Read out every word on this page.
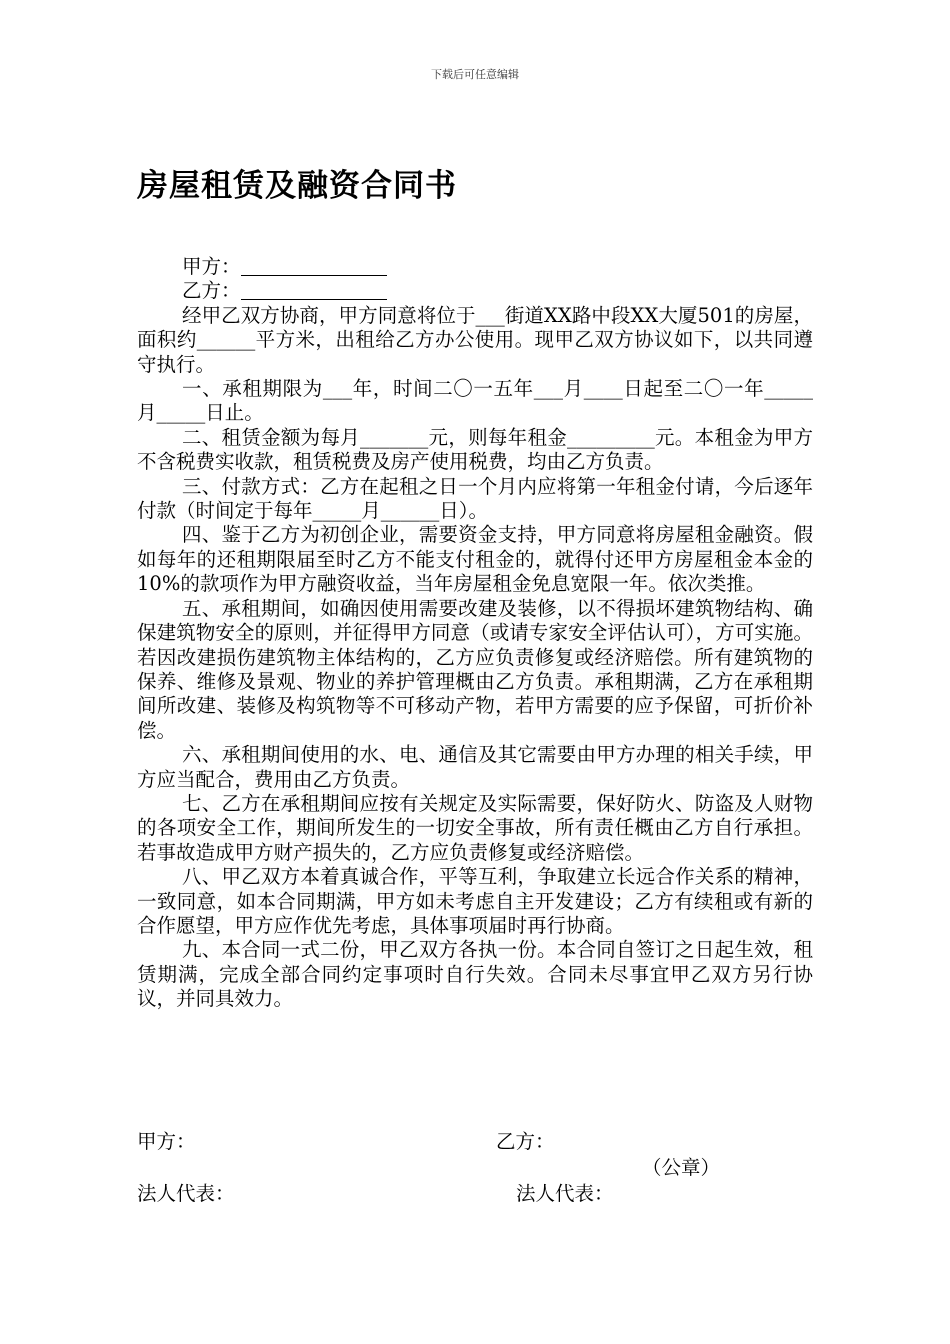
下载后可任意编辑
房屋租赁及融资合同书
甲方：
乙方：
经甲乙双方协商，甲方同意将位于___街道XX路中段XX大厦501的房屋，面积约______平方米，出租给乙方办公使用。现甲乙双方协议如下，以共同遵守执行。
一、承租期限为___年，时间二〇一五年___月____日起至二〇一年_____月_____日止。
二、租赁金额为每月_______元，则每年租金_________元。本租金为甲方不含税费实收款，租赁税费及房产使用税费，均由乙方负责。
三、付款方式：乙方在起租之日一个月内应将第一年租金付请，今后逐年付款（时间定于每年_____月______日）。
四、鉴于乙方为初创企业，需要资金支持，甲方同意将房屋租金融资。假如每年的还租期限届至时乙方不能支付租金的，就得付还甲方房屋租金本金的10%的款项作为甲方融资收益，当年房屋租金免息宽限一年。依次类推。
五、承租期间，如确因使用需要改建及装修，以不得损坏建筑物结构、确保建筑物安全的原则，并征得甲方同意（或请专家安全评估认可），方可实施。若因改建损伤建筑物主体结构的，乙方应负责修复或经济赔偿。所有建筑物的保养、维修及景观、物业的养护管理概由乙方负责。承租期满，乙方在承租期间所改建、装修及构筑物等不可移动产物，若甲方需要的应予保留，可折价补偿。
六、承租期间使用的水、电、通信及其它需要由甲方办理的相关手续，甲方应当配合，费用由乙方负责。
七、乙方在承租期间应按有关规定及实际需要，保好防火、防盗及人财物的各项安全工作，期间所发生的一切安全事故，所有责任概由乙方自行承担。若事故造成甲方财产损失的，乙方应负责修复或经济赔偿。
八、甲乙双方本着真诚合作，平等互利，争取建立长远合作关系的精神，一致同意，如本合同期满，甲方如未考虑自主开发建设；乙方有续租或有新的合作愿望，甲方应作优先考虑，具体事项届时再行协商。
九、本合同一式二份，甲乙双方各执一份。本合同自签订之日起生效，租赁期满，完成全部合同约定事项时自行失效。合同未尽事宜甲乙双方另行协议，并同具效力。
甲方：	乙方：
（公章）
法人代表：	法人代表：
